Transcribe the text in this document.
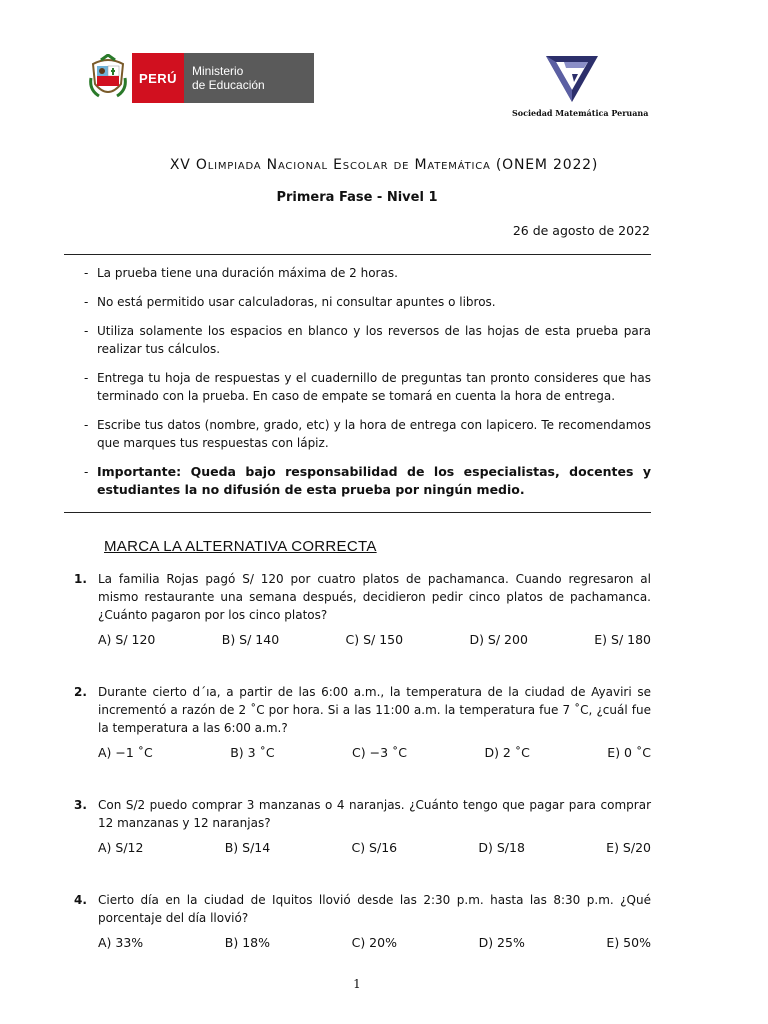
PERÚ	Ministerio
de Educación
Sociedad Matemática Peruana
XV Olimpiada Nacional Escolar de Matemática (ONEM 2022)
Primera Fase - Nivel 1
26 de agosto de 2022
- La prueba tiene una duración máxima de 2 horas.
- No está permitido usar calculadoras, ni consultar apuntes o libros.
- Utiliza solamente los espacios en blanco y los reversos de las hojas de esta prueba para realizar tus cálculos.
- Entrega tu hoja de respuestas y el cuadernillo de preguntas tan pronto consideres que has terminado con la prueba. En caso de empate se tomará en cuenta la hora de entrega.
- Escribe tus datos (nombre, grado, etc) y la hora de entrega con lapicero. Te recomendamos que marques tus respuestas con lápiz.
- Importante: Queda bajo responsabilidad de los especialistas, docentes y estudiantes la no difusión de esta prueba por ningún medio.
MARCA LA ALTERNATIVA CORRECTA
1. La familia Rojas pagó S/ 120 por cuatro platos de pachamanca. Cuando regresaron al mismo restaurante una semana después, decidieron pedir cinco platos de pachamanca. ¿Cuánto pagaron por los cinco platos?
A) S/ 120	B) S/ 140	C) S/ 150	D) S/ 200	E) S/ 180
2. Durante cierto d´ıa, a partir de las 6:00 a.m., la temperatura de la ciudad de Ayaviri se incrementó a razón de 2 ˚C por hora. Si a las 11:00 a.m. la temperatura fue 7 ˚C, ¿cuál fue la temperatura a las 6:00 a.m.?
A) −1 ˚C	B) 3 ˚C	C) −3 ˚C	D) 2 ˚C	E) 0 ˚C
3. Con S/2 puedo comprar 3 manzanas o 4 naranjas. ¿Cuánto tengo que pagar para comprar 12 manzanas y 12 naranjas?
A) S/12	B) S/14	C) S/16	D) S/18	E) S/20
4. Cierto día en la ciudad de Iquitos llovió desde las 2:30 p.m. hasta las 8:30 p.m. ¿Qué porcentaje del día llovió?
A) 33%	B) 18%	C) 20%	D) 25%	E) 50%
1
